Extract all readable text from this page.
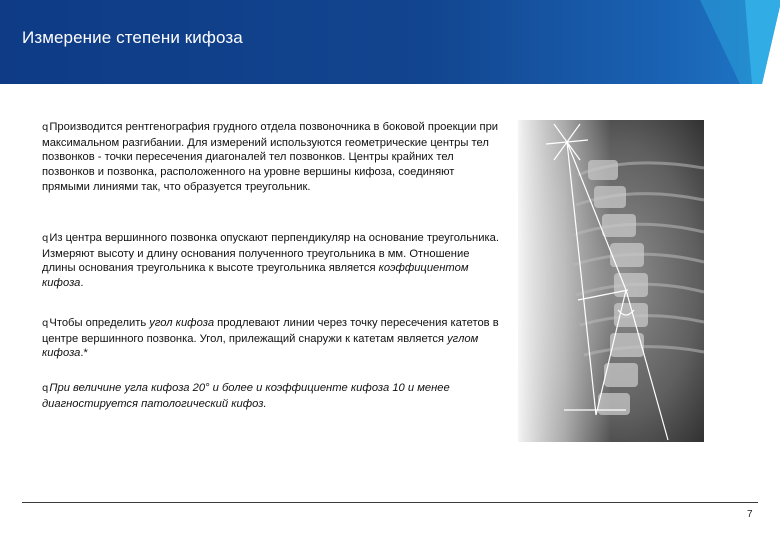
Измерение степени кифоза

qПроизводится рентгенография грудного отдела позвоночника в боковой проекции при максимальном разгибании. Для измерений используются геометрические центры тел позвонков - точки пересечения диагоналей тел позвонков. Центры крайних тел позвонков и позвонка, расположенного на уровне вершины кифоза, соединяют прямыми линиями так, что образуется треугольник.

qИз центра вершинного позвонка опускают перпендикуляр на основание треугольника. Измеряют высоту и длину основания полученного треугольника в мм. Отношение длины основания треугольника к высоте треугольника является коэффициентом кифоза.

qЧтобы определить угол кифоза продлевают линии через точку пересечения катетов в центре вершинного позвонка. Угол, прилежащий снаружи к катетам является углом кифоза.*

qПри величине угла кифоза 20° и более и коэффициенте кифоза 10 и менее диагностируется патологический кифоз.

7
